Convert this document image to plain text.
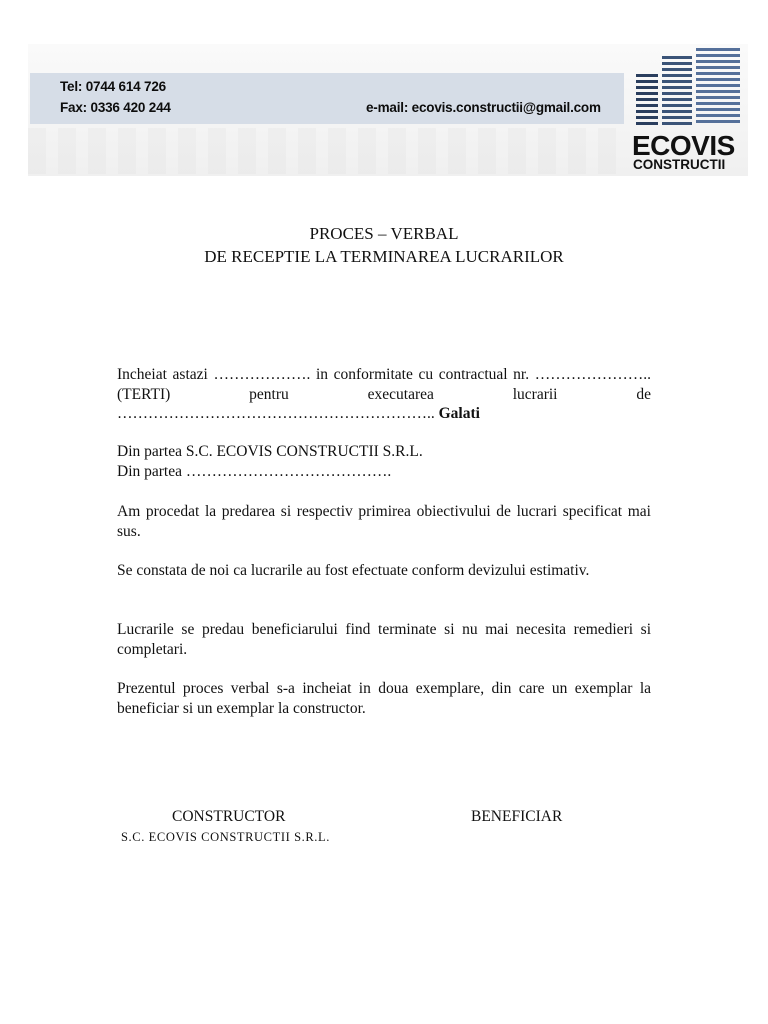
Tel: 0744 614 726
Fax: 0336 420 244	e-mail: ecovis.constructii@gmail.com
ECOVIS
CONSTRUCTII
PROCES – VERBAL
DE RECEPTIE LA TERMINAREA LUCRARILOR
Incheiat astazi ………………. in conformitate cu contractual nr. ………………….. (TERTI) pentru executarea lucrarii de …………………………………………………….. Galati
Din partea S.C. ECOVIS CONSTRUCTII S.R.L.
Din partea ………………………………….
Am procedat la predarea si respectiv primirea obiectivului de lucrari specificat mai sus.
Se constata de noi ca lucrarile au fost efectuate conform devizului estimativ.
Lucrarile se predau beneficiarului find terminate si nu mai necesita remedieri si completari.
Prezentul proces verbal s-a incheiat in doua exemplare, din care un exemplar la beneficiar si un exemplar la constructor.
CONSTRUCTOR	BENEFICIAR
S.C. ECOVIS CONSTRUCTII S.R.L.
